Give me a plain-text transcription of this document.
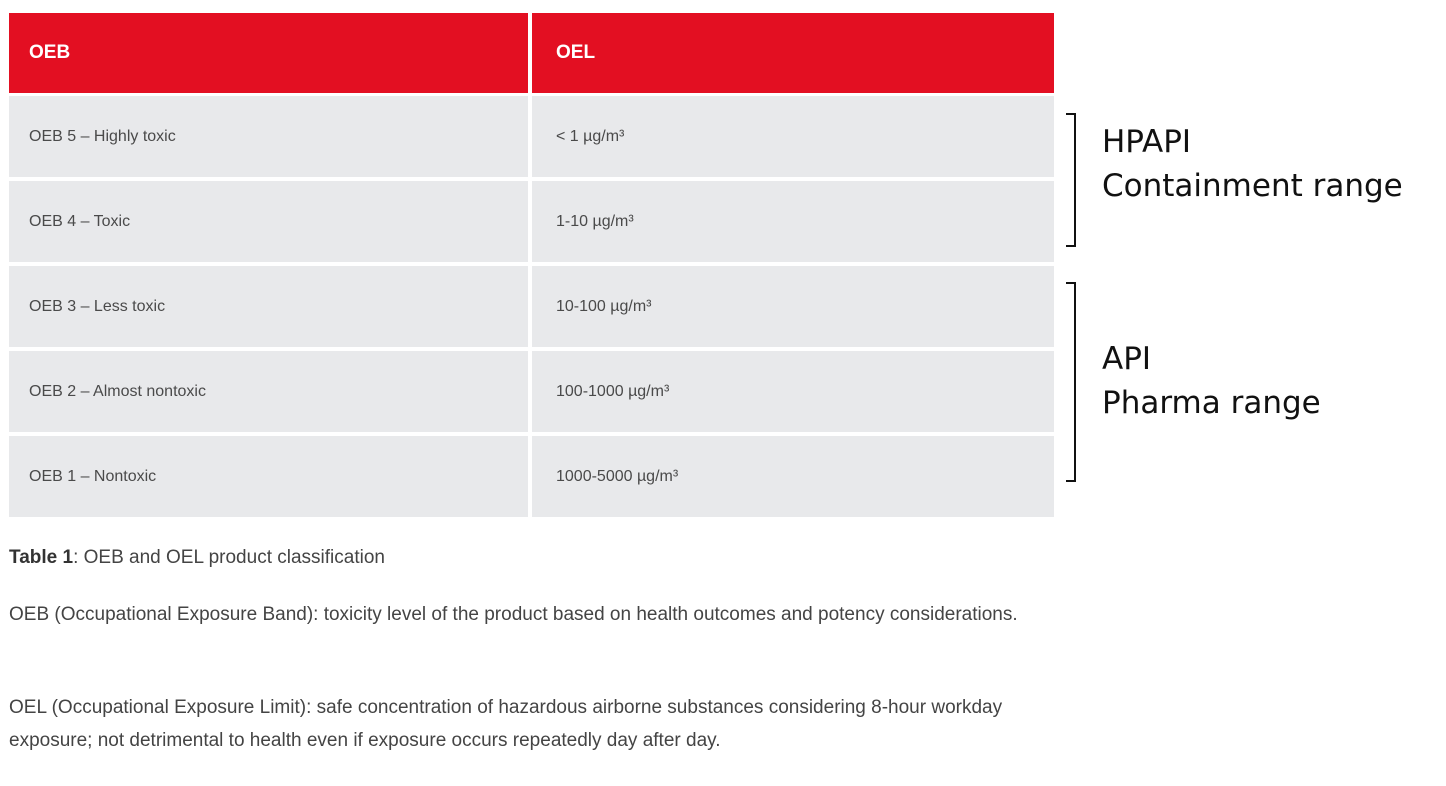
OEB	OEL
OEB 5 – Highly toxic	< 1 µg/m³
OEB 4 – Toxic	1-10 µg/m³
OEB 3 – Less toxic	10-100 µg/m³
OEB 2 – Almost nontoxic	100-1000 µg/m³
OEB 1 – Nontoxic	1000-5000 µg/m³
HPAPI
Containment range
API
Pharma range
Table 1: OEB and OEL product classification
OEB (Occupational Exposure Band): toxicity level of the product based on health outcomes and potency considerations.
OEL (Occupational Exposure Limit): safe concentration of hazardous airborne substances considering 8-hour workday exposure; not detrimental to health even if exposure occurs repeatedly day after day.
